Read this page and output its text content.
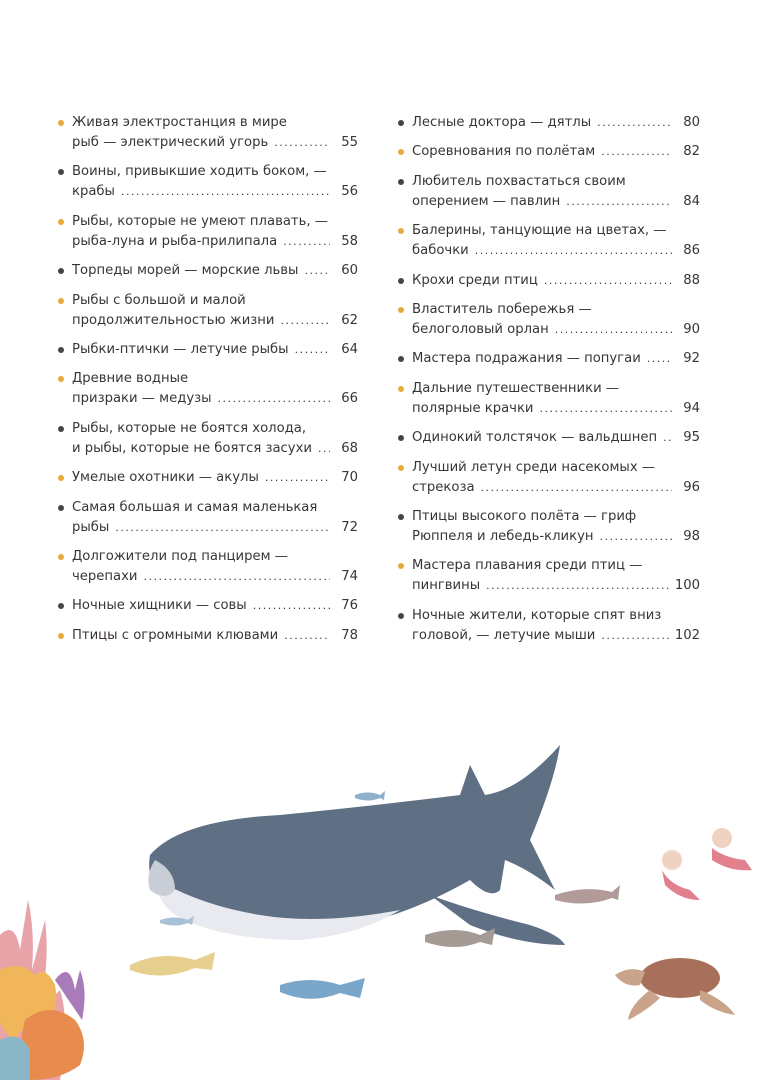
Живая электростанция в мире
рыб — электрический угорь .....	55
Воины, привыкшие ходить боком, —
крабы .....	56
Рыбы, которые не умеют плавать, —
рыба-луна и рыба-прилипала .....	58
Торпеды морей — морские львы .....	60
Рыбы с большой и малой
продолжительностью жизни .....	62
Рыбки-птички — летучие рыбы .....	64
Древние водные
призраки — медузы .....	66
Рыбы, которые не боятся холода,
и рыбы, которые не боятся засухи .....	68
Умелые охотники — акулы .....	70
Самая большая и самая маленькая
рыбы .....	72
Долгожители под панцирем —
черепахи .....	74
Ночные хищники — совы .....	76
Птицы с огромными клювами .....	78
Лесные доктора — дятлы .....	80
Соревнования по полётам .....	82
Любитель похвастаться своим
оперением — павлин .....	84
Балерины, танцующие на цветах, —
бабочки .....	86
Крохи среди птиц .....	88
Властитель побережья —
белоголовый орлан .....	90
Мастера подражания — попугаи .....	92
Дальние путешественники —
полярные крачки .....	94
Одинокий толстячок — вальдшнеп .....	95
Лучший летун среди насекомых —
стрекоза .....	96
Птицы высокого полёта — гриф
Рюппеля и лебедь-кликун .....	98
Мастера плавания среди птиц —
пингвины .....	100
Ночные жители, которые спят вниз
головой, — летучие мыши .....	102
